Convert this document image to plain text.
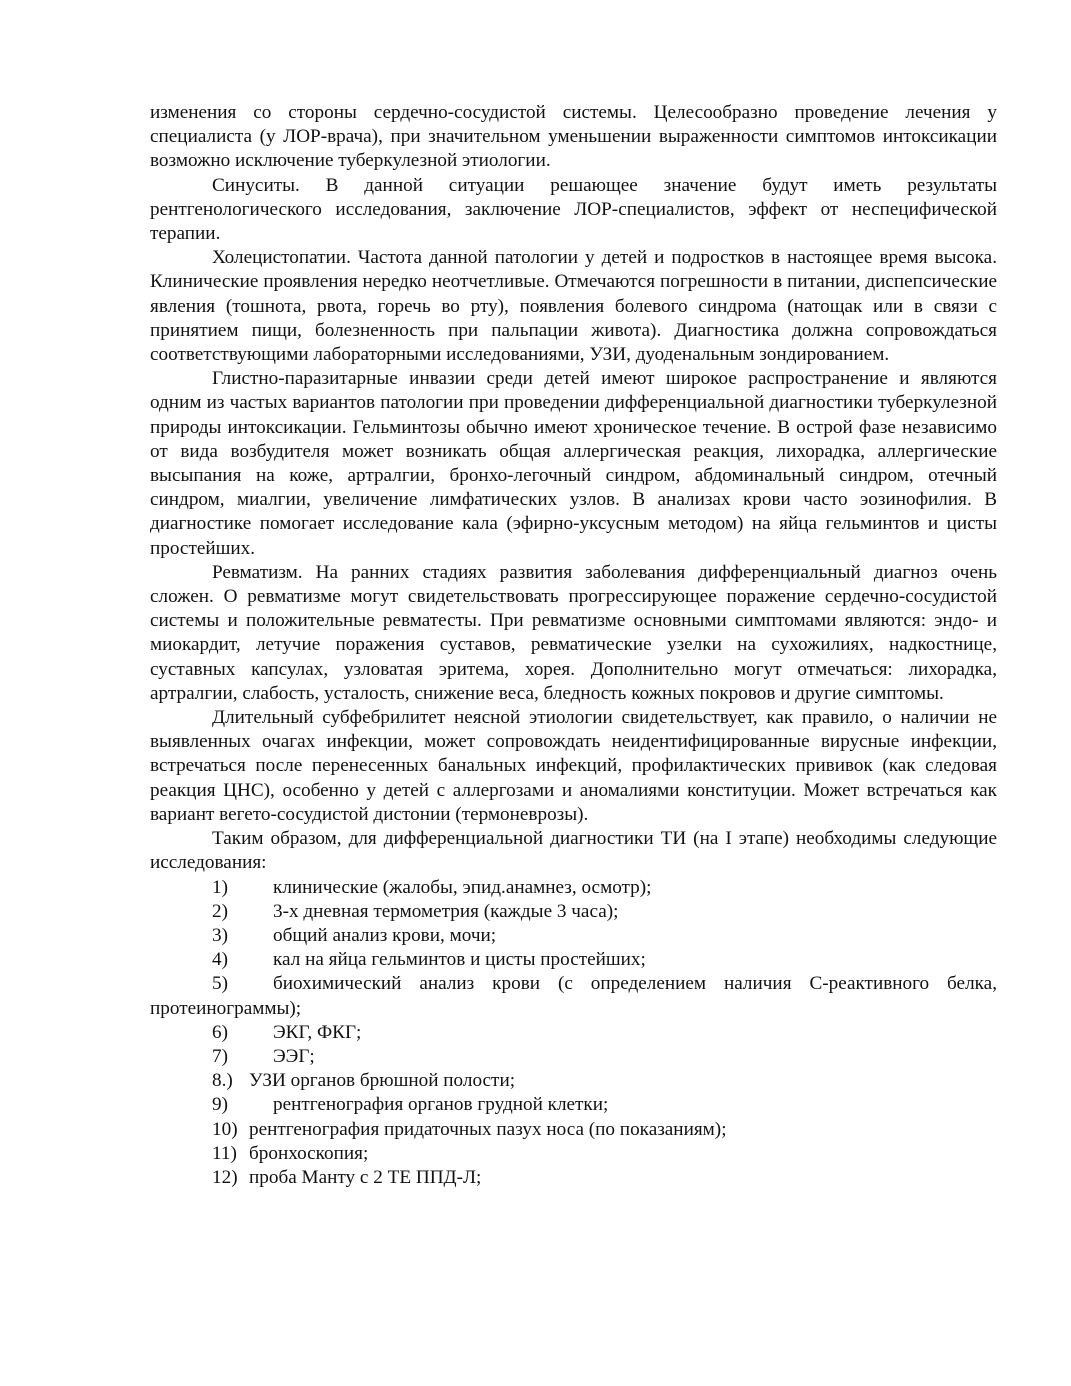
изменения со стороны сердечно-сосудистой системы. Целесообразно проведение лечения у специалиста (у ЛОР-врача), при значительном уменьшении выраженности симптомов интоксикации возможно исключение туберкулезной этиологии.

Синуситы. В данной ситуации решающее значение будут иметь результаты рентгенологического исследования, заключение ЛОР-специалистов, эффект от неспецифической терапии.

Холецистопатии. Частота данной патологии у детей и подростков в настоящее время высока. Клинические проявления нередко неотчетливые. Отмечаются погрешности в питании, диспепсические явления (тошнота, рвота, горечь во рту), появления болевого синдрома (натощак или в связи с принятием пищи, болезненность при пальпации живота). Диагностика должна сопровождаться соответствующими лабораторными исследованиями, УЗИ, дуоденальным зондированием.

Глистно-паразитарные инвазии среди детей имеют широкое распространение и являются одним из частых вариантов патологии при проведении дифференциальной диагностики туберкулезной природы интоксикации. Гельминтозы обычно имеют хроническое течение. В острой фазе независимо от вида возбудителя может возникать общая аллергическая реакция, лихорадка, аллергические высыпания на коже, артралгии, бронхо-легочный синдром, абдоминальный синдром, отечный синдром, миалгии, увеличение лимфатических узлов. В анализах крови часто эозинофилия. В диагностике помогает исследование кала (эфирно-уксусным методом) на яйца гельминтов и цисты простейших.

Ревматизм. На ранних стадиях развития заболевания дифференциальный диагноз очень сложен. О ревматизме могут свидетельствовать прогрессирующее поражение сердечно-сосудистой системы и положительные ревматесты. При ревматизме основными симптомами являются: эндо- и миокардит, летучие поражения суставов, ревматические узелки на сухожилиях, надкостнице, суставных капсулах, узловатая эритема, хорея. Дополнительно могут отмечаться: лихорадка, артралгии, слабость, усталость, снижение веса, бледность кожных покровов и другие симптомы.

Длительный субфебрилитет неясной этиологии свидетельствует, как правило, о наличии не выявленных очагах инфекции, может сопровождать неидентифицированные вирусные инфекции, встречаться после перенесенных банальных инфекций, профилактических прививок (как следовая реакция ЦНС), особенно у детей с аллергозами и аномалиями конституции. Может встречаться как вариант вегето-сосудистой дистонии (термоневрозы).

Таким образом, для дифференциальной диагностики ТИ (на I этапе) необходимы следующие исследования:

1) клинические (жалобы, эпид.анамнез, осмотр);
2) 3-х дневная термометрия (каждые 3 часа);
3) общий анализ крови, мочи;
4) кал на яйца гельминтов и цисты простейших;
5) биохимический анализ крови (с определением наличия С-реактивного белка, протеинограммы);
6) ЭКГ, ФКГ;
7) ЭЭГ;
8.) УЗИ органов брюшной полости;
9) рентгенография органов грудной клетки;
10) рентгенография придаточных пазух носа (по показаниям);
11) бронхоскопия;
12) проба Манту с 2 ТЕ ППД-Л;
